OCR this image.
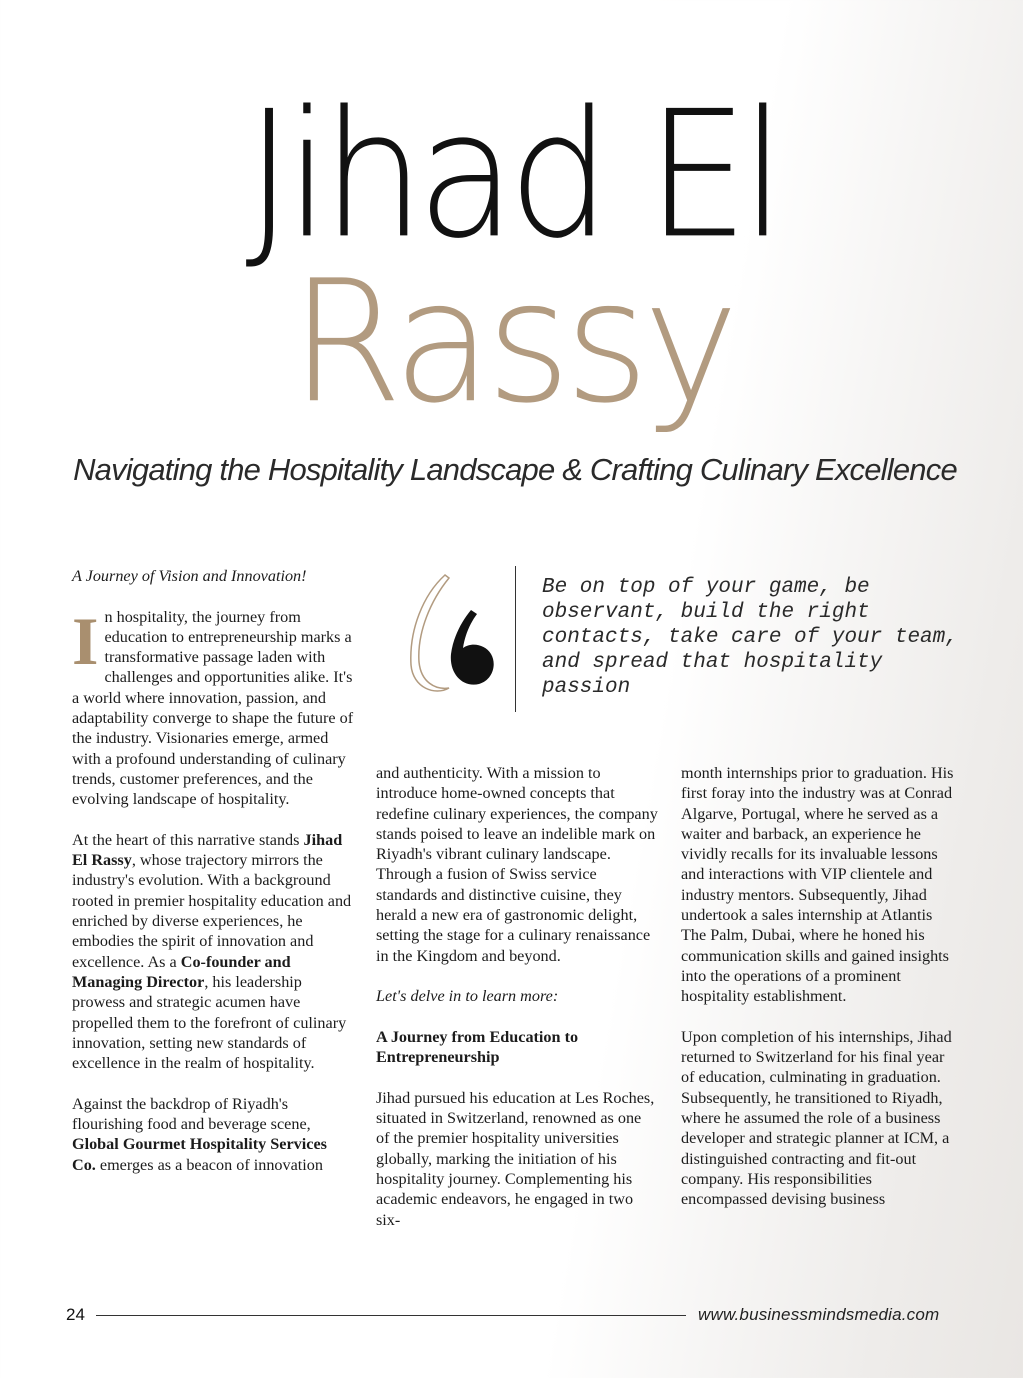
Jihad El
Rassy
Navigating the Hospitality Landscape & Crafting Culinary Excellence

A Journey of Vision and Innovation!

In hospitality, the journey from education to entrepreneurship marks a transformative passage laden with challenges and opportunities alike. It's a world where innovation, passion, and adaptability converge to shape the future of the industry. Visionaries emerge, armed with a profound understanding of culinary trends, customer preferences, and the evolving landscape of hospitality.

At the heart of this narrative stands Jihad El Rassy, whose trajectory mirrors the industry's evolution. With a background rooted in premier hospitality education and enriched by diverse experiences, he embodies the spirit of innovation and excellence. As a Co-founder and Managing Director, his leadership prowess and strategic acumen have propelled them to the forefront of culinary innovation, setting new standards of excellence in the realm of hospitality.

Against the backdrop of Riyadh's flourishing food and beverage scene, Global Gourmet Hospitality Services Co. emerges as a beacon of innovation

Be on top of your game, be observant, build the right contacts, take care of your team, and spread that hospitality passion

and authenticity. With a mission to introduce home-owned concepts that redefine culinary experiences, the company stands poised to leave an indelible mark on Riyadh's vibrant culinary landscape. Through a fusion of Swiss service standards and distinctive cuisine, they herald a new era of gastronomic delight, setting the stage for a culinary renaissance in the Kingdom and beyond.

Let's delve in to learn more:

A Journey from Education to Entrepreneurship

Jihad pursued his education at Les Roches, situated in Switzerland, renowned as one of the premier hospitality universities globally, marking the initiation of his hospitality journey. Complementing his academic endeavors, he engaged in two six-

month internships prior to graduation. His first foray into the industry was at Conrad Algarve, Portugal, where he served as a waiter and barback, an experience he vividly recalls for its invaluable lessons and interactions with VIP clientele and industry mentors. Subsequently, Jihad undertook a sales internship at Atlantis The Palm, Dubai, where he honed his communication skills and gained insights into the operations of a prominent hospitality establishment.

Upon completion of his internships, Jihad returned to Switzerland for his final year of education, culminating in graduation. Subsequently, he transitioned to Riyadh, where he assumed the role of a business developer and strategic planner at ICM, a distinguished contracting and fit-out company. His responsibilities encompassed devising business

24	www.businessmindsmedia.com
